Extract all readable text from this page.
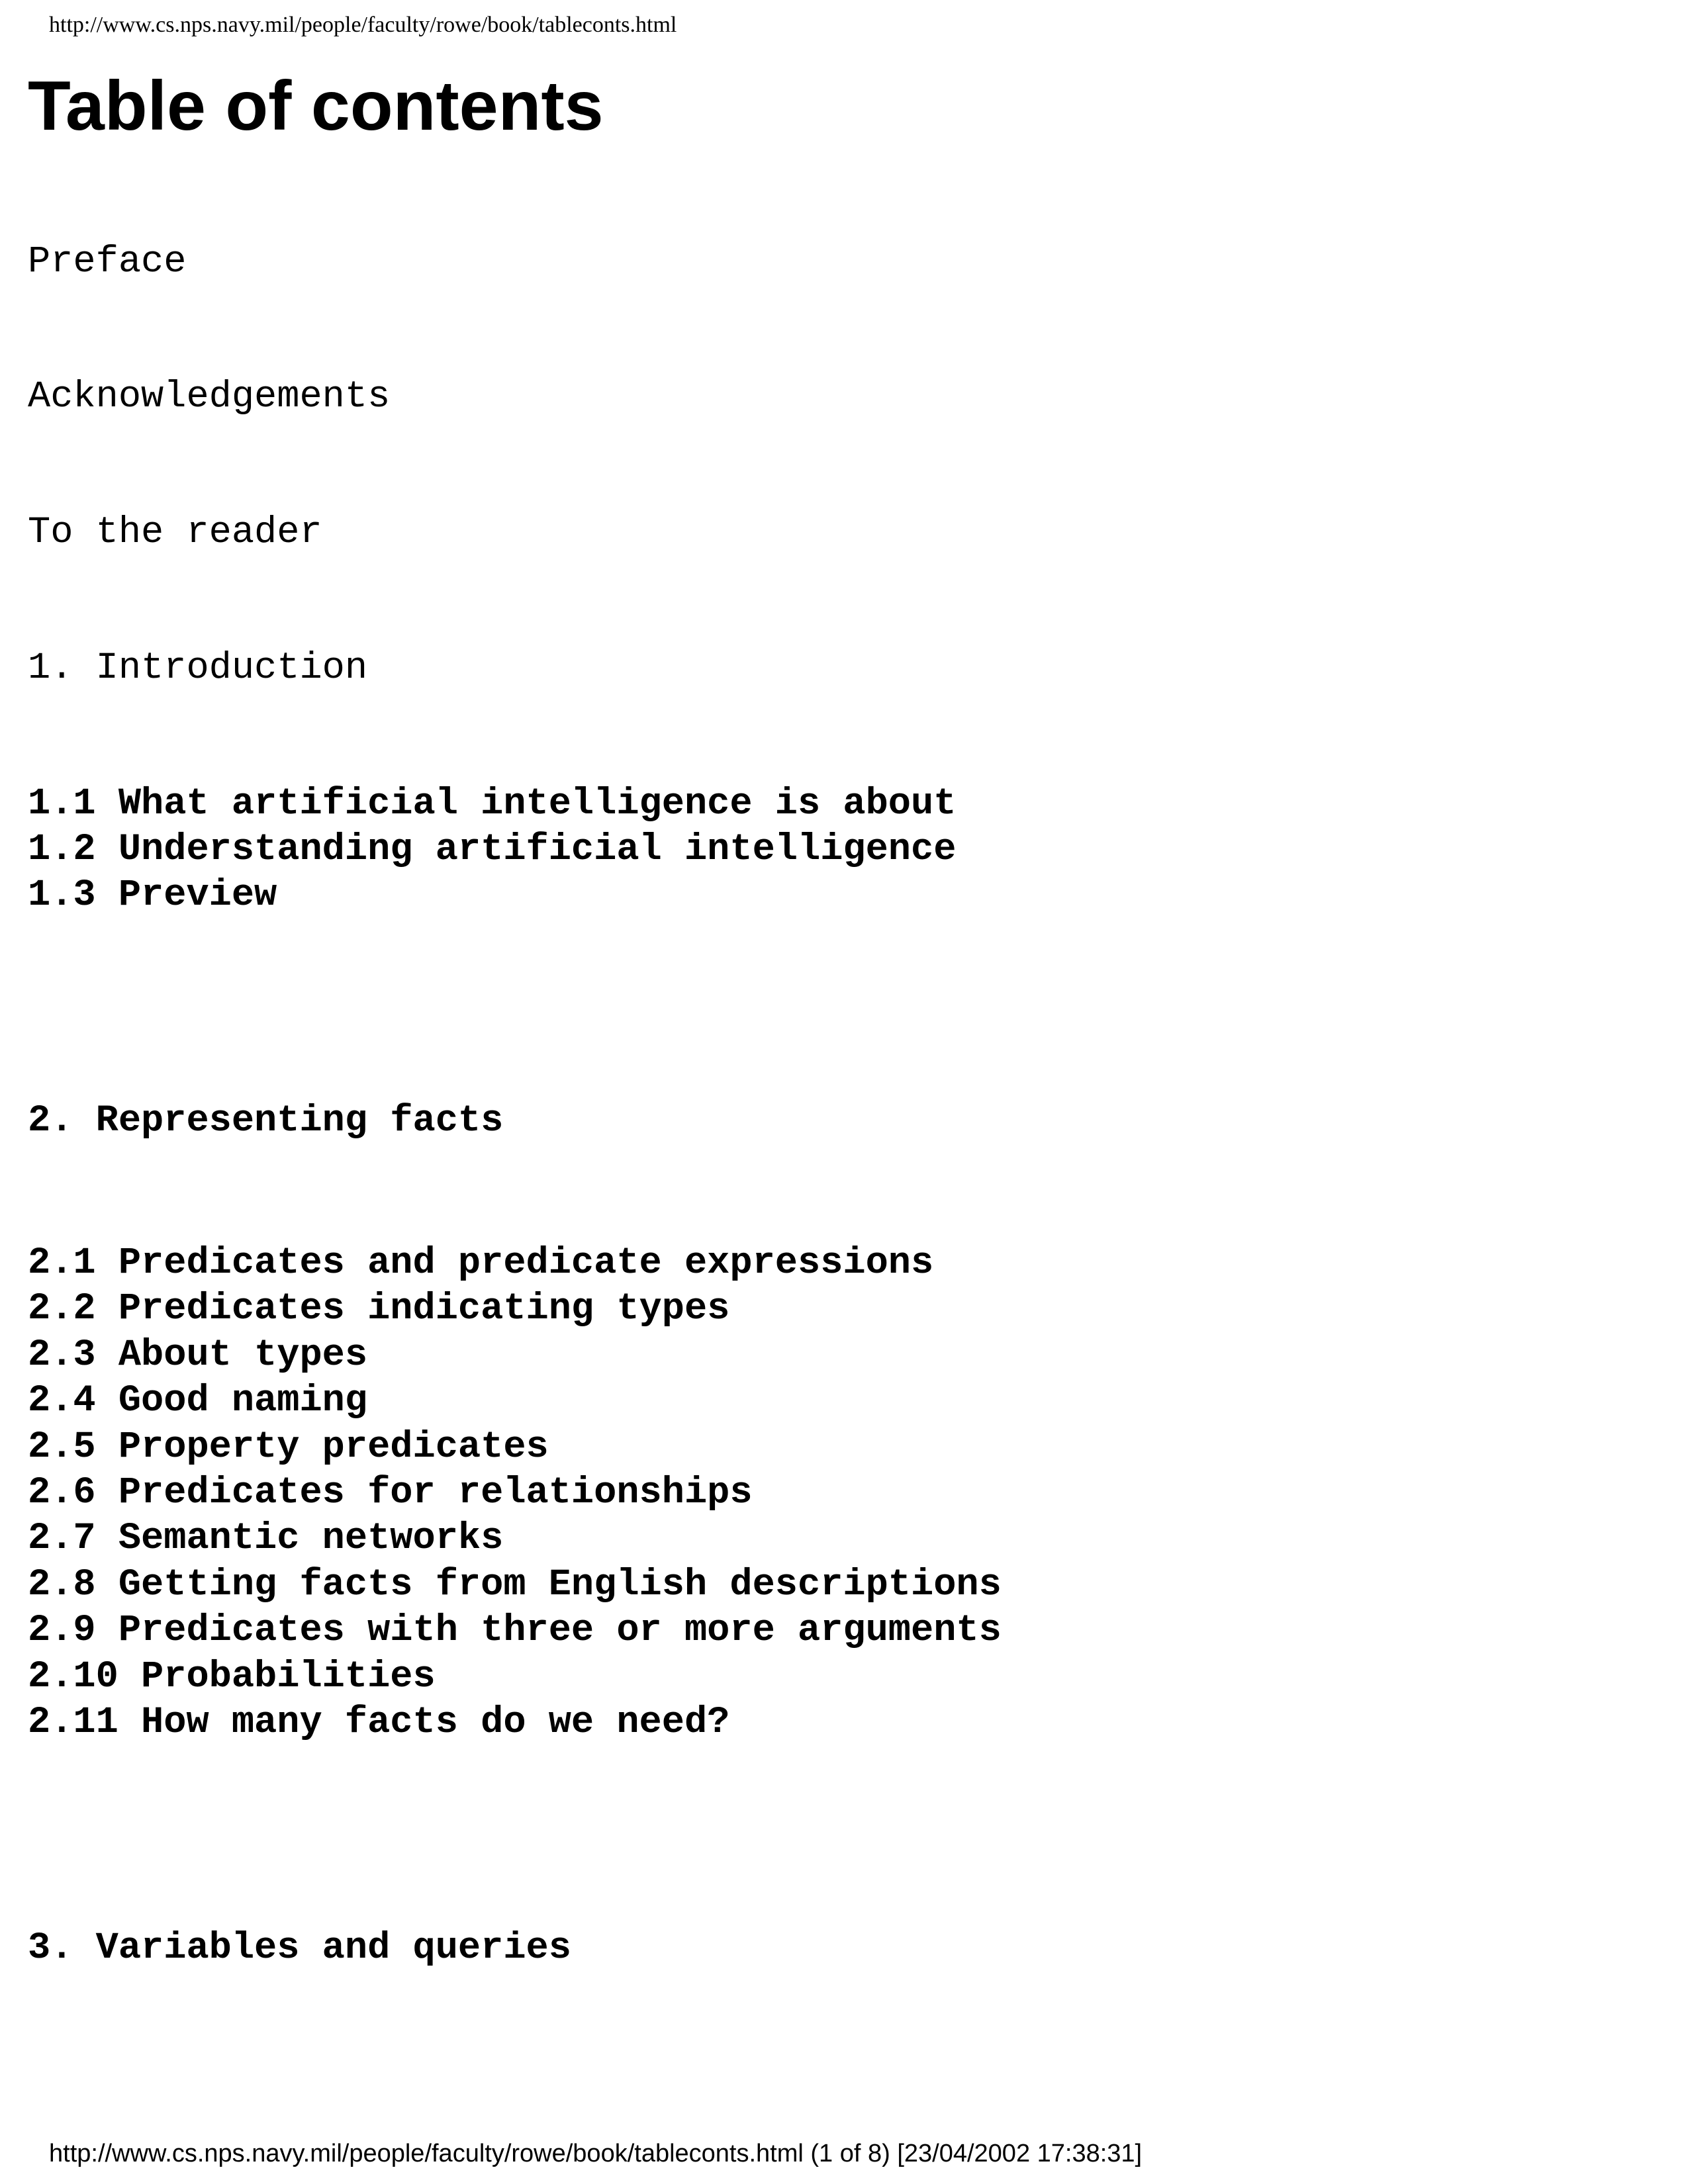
http://www.cs.nps.navy.mil/people/faculty/rowe/book/tableconts.html
Table of contents
Preface
Acknowledgements
To the reader
1. Introduction
1.1 What artificial intelligence is about
1.2 Understanding artificial intelligence
1.3 Preview
2. Representing facts
2.1 Predicates and predicate expressions
2.2 Predicates indicating types
2.3 About types
2.4 Good naming
2.5 Property predicates
2.6 Predicates for relationships
2.7 Semantic networks
2.8 Getting facts from English descriptions
2.9 Predicates with three or more arguments
2.10 Probabilities
2.11 How many facts do we need?
3. Variables and queries
http://www.cs.nps.navy.mil/people/faculty/rowe/book/tableconts.html (1 of 8) [23/04/2002 17:38:31]
